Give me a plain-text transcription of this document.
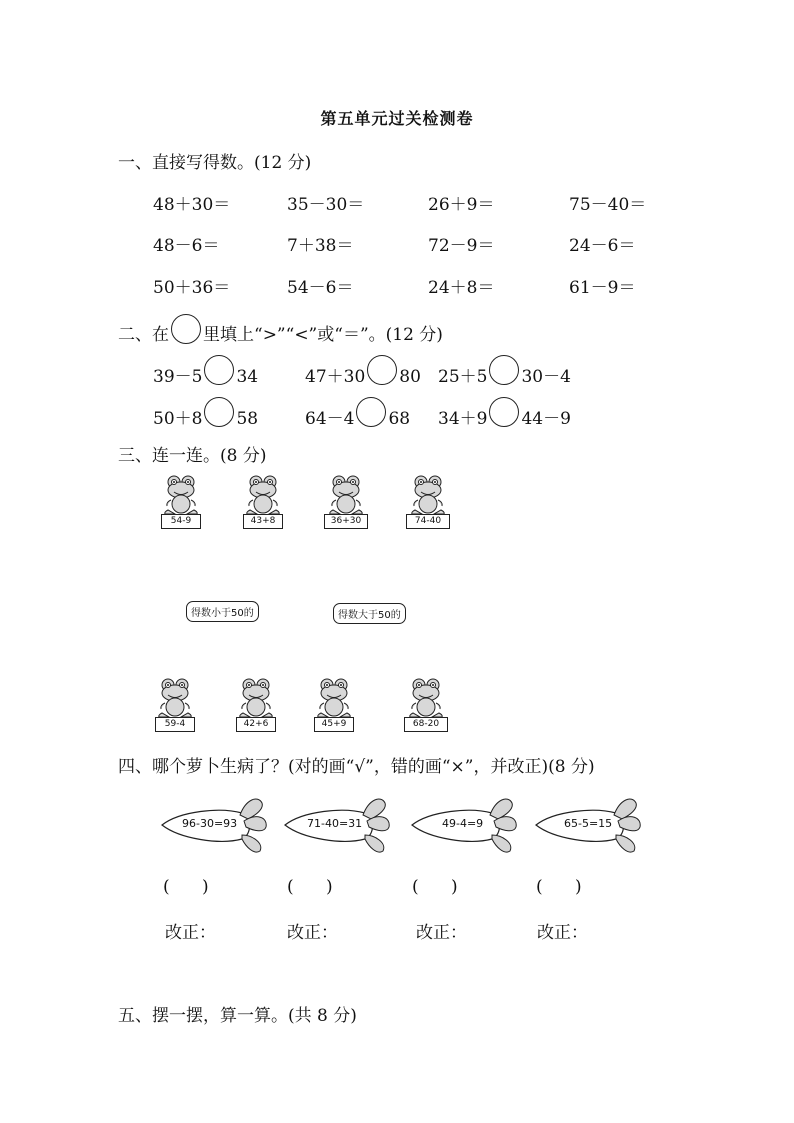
第五单元过关检测卷
一、直接写得数。(12 分)
48＋30＝	35－30＝	26＋9＝	75－40＝
48－6＝	7＋38＝	72－9＝	24－6＝
50＋36＝	54－6＝	24＋8＝	61－9＝
二、在 里填上“>”“<”或“＝”。(12 分)
39－5 34	47＋30 80 25＋5 30－4
50＋8 58	64－4 68 34＋9 44－9
三、连一连。(8 分)
54-9	43+8	36+30	74-40
得数小于50的	得数大于50的
59-4	42+6	45+9	68-20
四、哪个萝卜生病了？(对的画“√”，错的画“×”，并改正)(8 分)
96-30=93	71-40=31	49-4=9	65-5=15
(      )	(      )	(      )	(      )
改正：	改正：	改正：	改正：
五、摆一摆，算一算。(共 8 分)
